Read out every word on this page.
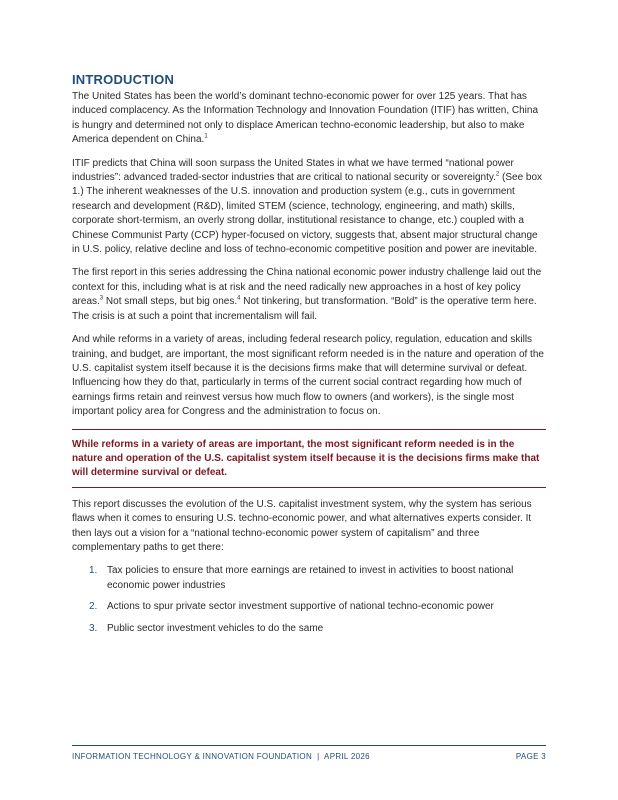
INTRODUCTION

The United States has been the world’s dominant techno-economic power for over 125 years. That has induced complacency. As the Information Technology and Innovation Foundation (ITIF) has written, China is hungry and determined not only to displace American techno-economic leadership, but also to make America dependent on China.$^1$

ITIF predicts that China will soon surpass the United States in what we have termed “national power industries”: advanced traded-sector industries that are critical to national security or sovereignty.$^2$ (See box 1.) The inherent weaknesses of the U.S. innovation and production system (e.g., cuts in government research and development (R&D), limited STEM (science, technology, engineering, and math) skills, corporate short-termism, an overly strong dollar, institutional resistance to change, etc.) coupled with a Chinese Communist Party (CCP) hyper-focused on victory, suggests that, absent major structural change in U.S. policy, relative decline and loss of techno-economic competitive position and power are inevitable.

The first report in this series addressing the China national economic power industry challenge laid out the context for this, including what is at risk and the need radically new approaches in a host of key policy areas.$^3$ Not small steps, but big ones.$^4$ Not tinkering, but transformation. “Bold” is the operative term here. The crisis is at such a point that incrementalism will fail.

And while reforms in a variety of areas, including federal research policy, regulation, education and skills training, and budget, are important, the most significant reform needed is in the nature and operation of the U.S. capitalist system itself because it is the decisions firms make that will determine survival or defeat. Influencing how they do that, particularly in terms of the current social contract regarding how much of earnings firms retain and reinvest versus how much flow to owners (and workers), is the single most important policy area for Congress and the administration to focus on.

While reforms in a variety of areas are important, the most significant reform needed is in the nature and operation of the U.S. capitalist system itself because it is the decisions firms make that will determine survival or defeat.

This report discusses the evolution of the U.S. capitalist investment system, why the system has serious flaws when it comes to ensuring U.S. techno-economic power, and what alternatives experts consider. It then lays out a vision for a “national techno-economic power system of capitalism” and three complementary paths to get there:

1. Tax policies to ensure that more earnings are retained to invest in activities to boost national economic power industries
2. Actions to spur private sector investment supportive of national techno-economic power
3. Public sector investment vehicles to do the same
INFORMATION TECHNOLOGY & INNOVATION FOUNDATION  |  APRIL 2026	PAGE 3
